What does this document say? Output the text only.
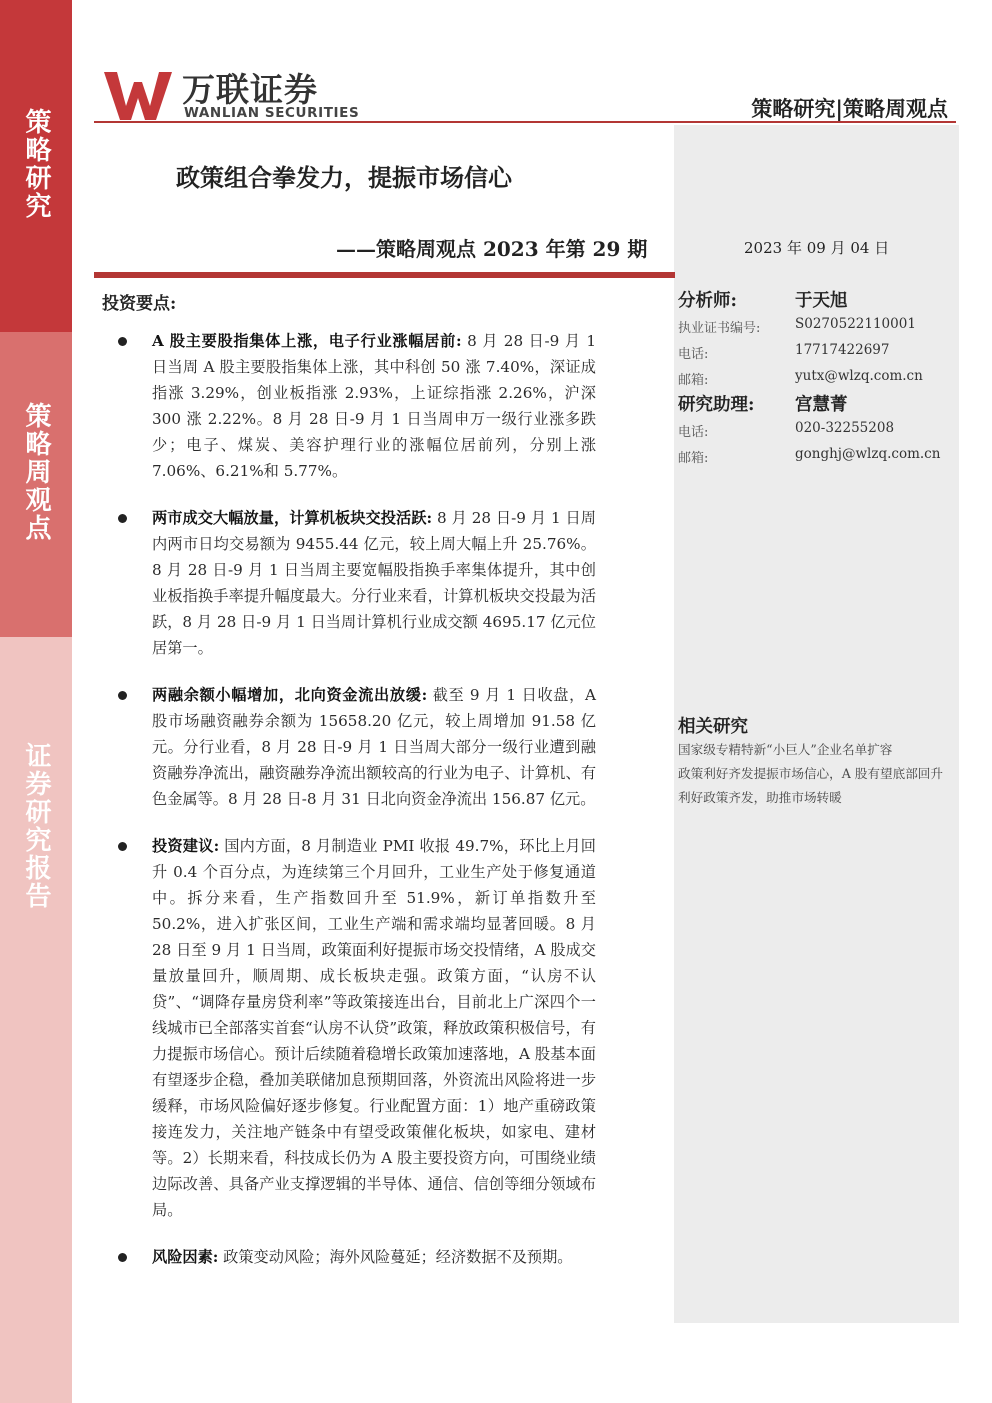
策略研究
策略周观点
证券研究报告
万联证券
WANLIAN SECURITIES	策略研究|策略周观点
政策组合拳发力，提振市场信心
——策略周观点 2023 年第 29 期	2023 年 09 月 04 日
投资要点:
A 股主要股指集体上涨，电子行业涨幅居前: 8 月 28 日-9 月 1 日当周 A 股主要股指集体上涨，其中科创 50 涨 7.40%，深证成指涨 3.29%，创业板指涨 2.93%，上证综指涨 2.26%，沪深 300 涨 2.22%。8 月 28 日-9 月 1 日当周申万一级行业涨多跌少；电子、煤炭、美容护理行业的涨幅位居前列，分别上涨 7.06%、6.21%和 5.77%。
两市成交大幅放量，计算机板块交投活跃: 8 月 28 日-9 月 1 日周内两市日均交易额为 9455.44 亿元，较上周大幅上升 25.76%。8 月 28 日-9 月 1 日当周主要宽幅股指换手率集体提升，其中创业板指换手率提升幅度最大。分行业来看，计算机板块交投最为活跃，8 月 28 日-9 月 1 日当周计算机行业成交额 4695.17 亿元位居第一。
两融余额小幅增加，北向资金流出放缓: 截至 9 月 1 日收盘，A 股市场融资融券余额为 15658.20 亿元，较上周增加 91.58 亿元。分行业看，8 月 28 日-9 月 1 日当周大部分一级行业遭到融资融券净流出，融资融券净流出额较高的行业为电子、计算机、有色金属等。8 月 28 日-8 月 31 日北向资金净流出 156.87 亿元。
投资建议: 国内方面，8 月制造业 PMI 收报 49.7%，环比上月回升 0.4 个百分点，为连续第三个月回升，工业生产处于修复通道中。拆分来看，生产指数回升至 51.9%，新订单指数升至 50.2%，进入扩张区间，工业生产端和需求端均显著回暖。8 月 28 日至 9 月 1 日当周，政策面利好提振市场交投情绪，A 股成交量放量回升，顺周期、成长板块走强。政策方面，“认房不认贷”、“调降存量房贷利率”等政策接连出台，目前北上广深四个一线城市已全部落实首套“认房不认贷”政策，释放政策积极信号，有力提振市场信心。预计后续随着稳增长政策加速落地，A 股基本面有望逐步企稳，叠加美联储加息预期回落，外资流出风险将进一步缓释，市场风险偏好逐步修复。行业配置方面：1）地产重磅政策接连发力，关注地产链条中有望受政策催化板块，如家电、建材等。2）长期来看，科技成长仍为 A 股主要投资方向，可围绕业绩边际改善、具备产业支撑逻辑的半导体、通信、信创等细分领域布局。
风险因素: 政策变动风险；海外风险蔓延；经济数据不及预期。
分析师:	于天旭
执业证书编号:	S0270522110001
电话:	17717422697
邮箱:	yutx@wlzq.com.cn
研究助理: 宫慧菁
电话:	020-32255208
邮箱:	gonghj@wlzq.com.cn
相关研究
国家级专精特新“小巨人”企业名单扩容
政策利好齐发提振市场信心，A 股有望底部回升
利好政策齐发，助推市场转暖
